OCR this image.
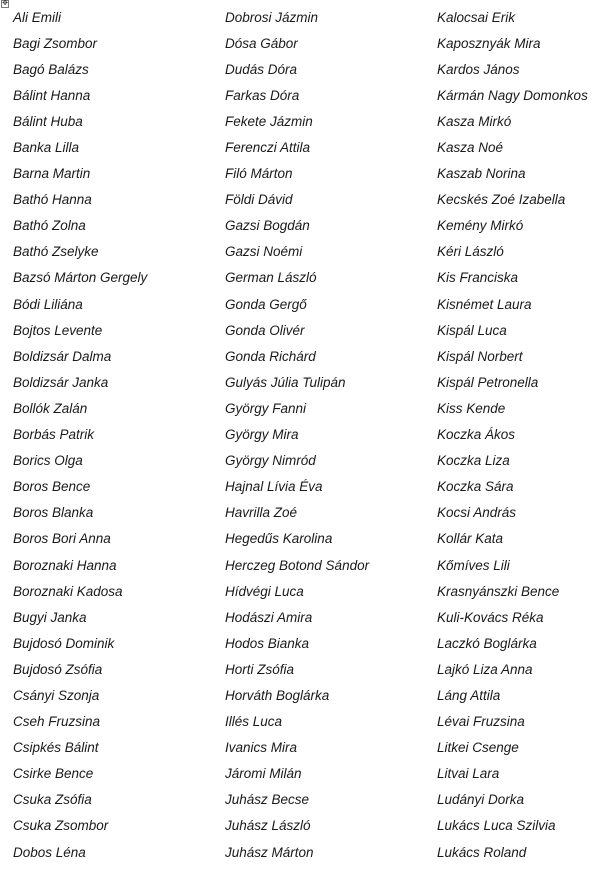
✥
Ali Emili	Dobrosi Jázmin	Kalocsai Erik
Bagi Zsombor	Dósa Gábor	Kaposznyák Mira
Bagó Balázs	Dudás Dóra	Kardos János
Bálint Hanna	Farkas Dóra	Kármán Nagy Domonkos
Bálint Huba	Fekete Jázmin	Kasza Mirkó
Banka Lilla	Ferenczi Attila	Kasza Noé
Barna Martin	Filó Márton	Kaszab Norina
Bathó Hanna	Földi Dávid	Kecskés Zoé Izabella
Bathó Zolna	Gazsi Bogdán	Kemény Mirkó
Bathó Zselyke	Gazsi Noémi	Kéri László
Bazsó Márton Gergely	German László	Kis Franciska
Bódi Liliána	Gonda Gergő	Kisnémet Laura
Bojtos Levente	Gonda Olivér	Kispál Luca
Boldizsár Dalma	Gonda Richárd	Kispál Norbert
Boldizsár Janka	Gulyás Júlia Tulipán	Kispál Petronella
Bollók Zalán	György Fanni	Kiss Kende
Borbás Patrik	György Mira	Koczka Ákos
Borics Olga	György Nimród	Koczka Liza
Boros Bence	Hajnal Lívia Éva	Koczka Sára
Boros Blanka	Havrilla Zoé	Kocsi András
Boros Bori Anna	Hegedűs Karolina	Kollár Kata
Boroznaki Hanna	Herczeg Botond Sándor	Kőmíves Lili
Boroznaki Kadosa	Hídvégi Luca	Krasnyánszki Bence
Bugyi Janka	Hodászi Amira	Kuli-Kovács Réka
Bujdosó Dominik	Hodos Bianka	Laczkó Boglárka
Bujdosó Zsófia	Horti Zsófia	Lajkó Liza Anna
Csányi Szonja	Horváth Boglárka	Láng Attila
Cseh Fruzsina	Illés Luca	Lévai Fruzsina
Csipkés Bálint	Ivanics Mira	Litkei Csenge
Csirke Bence	Járomi Milán	Litvai Lara
Csuka Zsófia	Juhász Becse	Ludányi Dorka
Csuka Zsombor	Juhász László	Lukács Luca Szilvia
Dobos Léna	Juhász Márton	Lukács Roland
